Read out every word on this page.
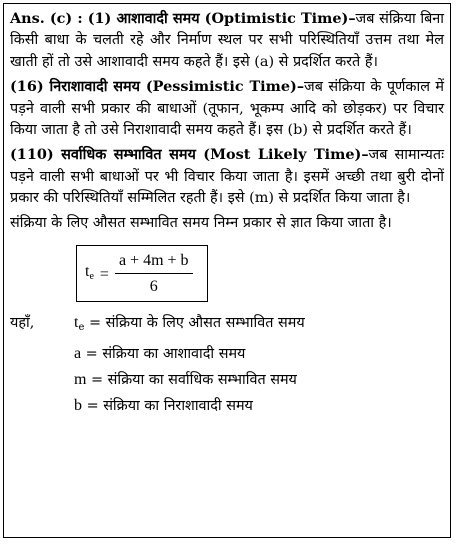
Ans. (c) : (1) आशावादी समय (Optimistic Time)–जब संक्रिया बिना किसी बाधा के चलती रहे और निर्माण स्थल पर सभी परिस्थितियाँ उत्तम तथा मेल खाती हों तो उसे आशावादी समय कहते हैं। इसे (a) से प्रदर्शित करते हैं।

(16) निराशावादी समय (Pessimistic Time)–जब संक्रिया के पूर्णकाल में पड़ने वाली सभी प्रकार की बाधाओं (तूफान, भूकम्प आदि को छोड़कर) पर विचार किया जाता है तो उसे निराशावादी समय कहते हैं। इस (b) से प्रदर्शित करते हैं।

(110) सर्वाधिक सम्भावित समय (Most Likely Time)–जब सामान्यतः पड़ने वाली सभी बाधाओं पर भी विचार किया जाता है। इसमें अच्छी तथा बुरी दोनों प्रकार की परिस्थितियाँ सम्मिलित रहती हैं। इसे (m) से प्रदर्शित किया जाता है।

संक्रिया के लिए औसत सम्भावित समय निम्न प्रकार से ज्ञात किया जाता है।

$t_e = \frac{a + 4m + b}{6}$
यहाँ,	$t_e$ = संक्रिया के लिए औसत सम्भावित समय
a = संक्रिया का आशावादी समय
m = संक्रिया का सर्वाधिक सम्भावित समय
b = संक्रिया का निराशावादी समय
